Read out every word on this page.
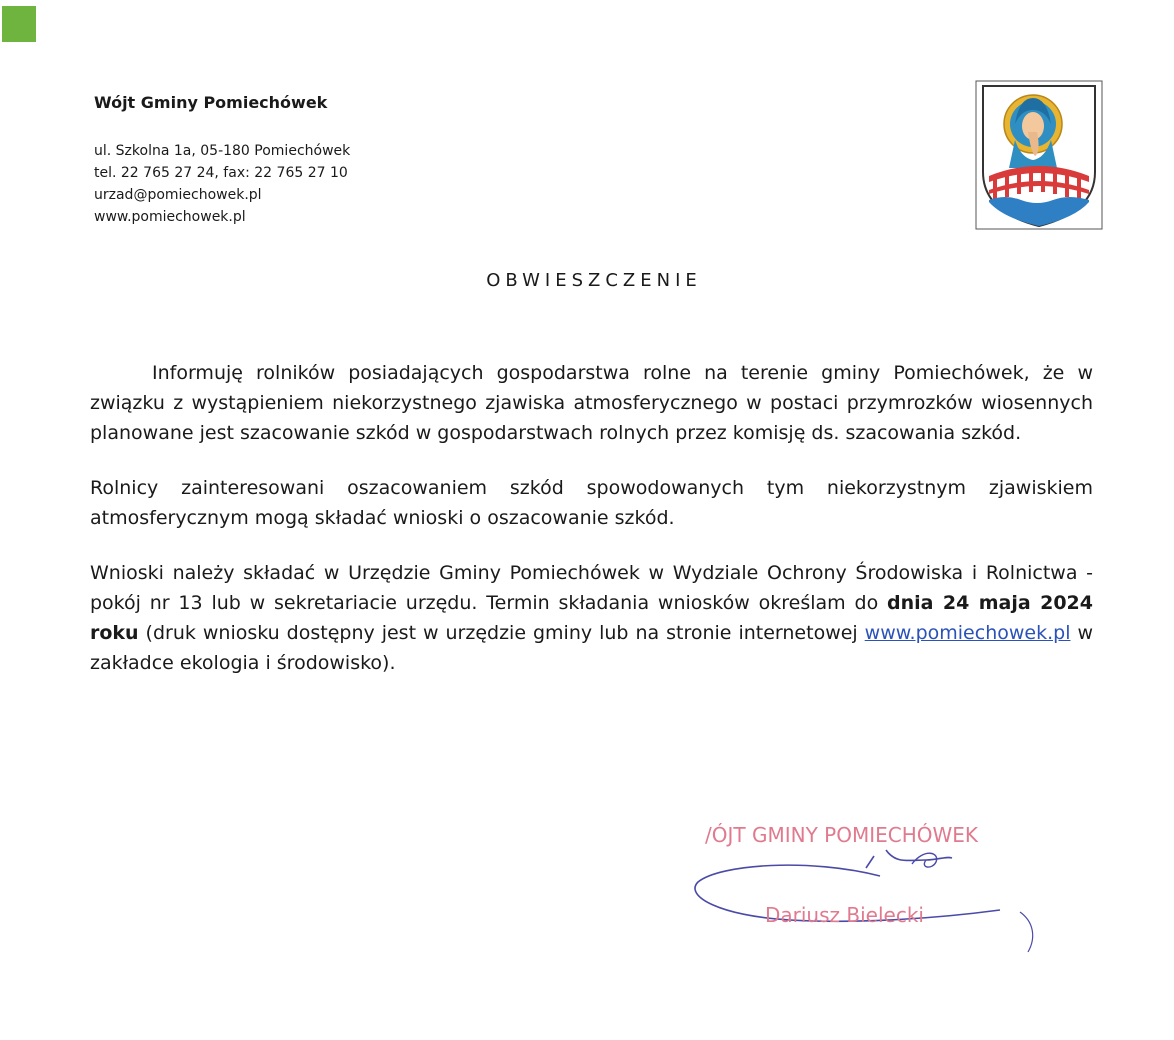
Wójt Gminy Pomiechówek
ul. Szkolna 1a, 05-180 Pomiechówek
tel. 22 765 27 24, fax: 22 765 27 10
urzad@pomiechowek.pl
www.pomiechowek.pl
OBWIESZCZENIE

Informuję rolników posiadających gospodarstwa rolne na terenie gminy Pomiechówek, że w związku z wystąpieniem niekorzystnego zjawiska atmosferycznego w postaci przymrozków wiosennych planowane jest szacowanie szkód w gospodarstwach rolnych przez komisję ds. szacowania szkód.

Rolnicy zainteresowani oszacowaniem szkód spowodowanych tym niekorzystnym zjawiskiem atmosferycznym mogą składać wnioski o oszacowanie szkód.

Wnioski należy składać w Urzędzie Gminy Pomiechówek w Wydziale Ochrony Środowiska i Rolnictwa - pokój nr 13 lub w sekretariacie urzędu. Termin składania wniosków określam do dnia 24 maja 2024 roku (druk wniosku dostępny jest w urzędzie gminy lub na stronie internetowej www.pomiechowek.pl w zakładce ekologia i środowisko).

/ÓJT GMINY POMIECHÓWEK
Dariusz Bielecki
